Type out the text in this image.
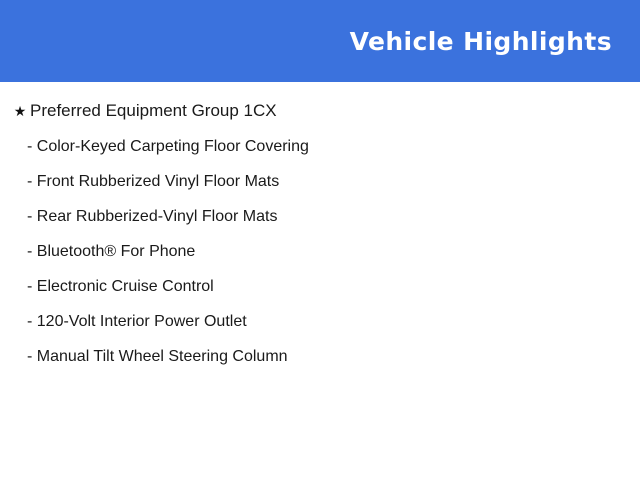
Vehicle Highlights
★ Preferred Equipment Group 1CX
- Color-Keyed Carpeting Floor Covering
- Front Rubberized Vinyl Floor Mats
- Rear Rubberized-Vinyl Floor Mats
- Bluetooth® For Phone
- Electronic Cruise Control
- 120-Volt Interior Power Outlet
- Manual Tilt Wheel Steering Column
